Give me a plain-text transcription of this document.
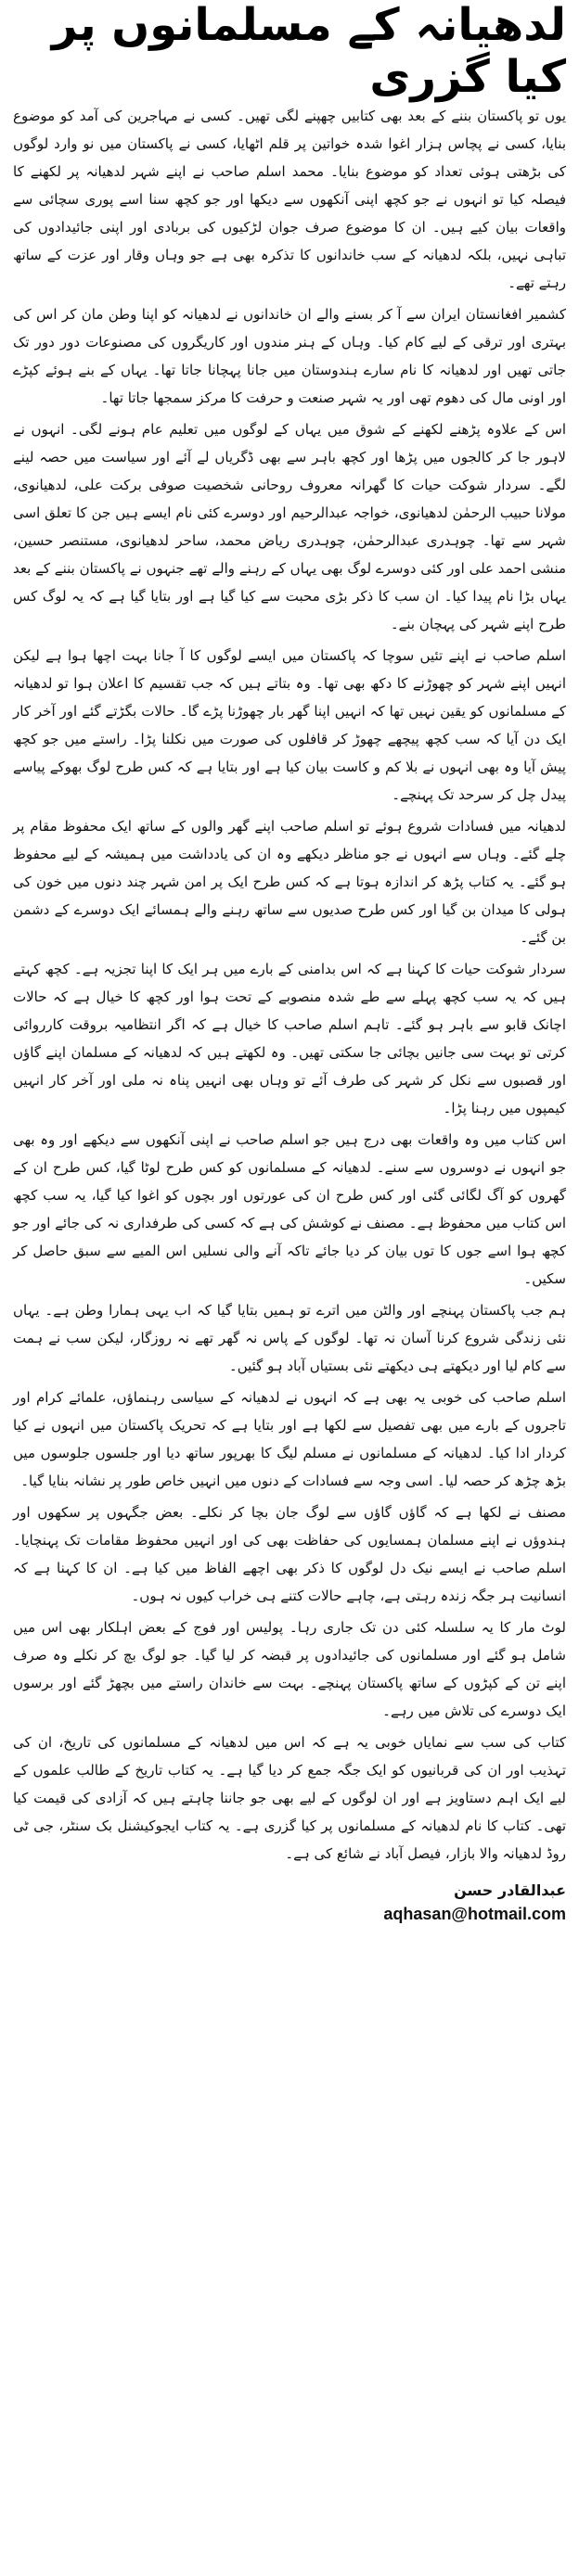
لدھیانہ کے مسلمانوں پر کیا گزری

یوں تو پاکستان بننے کے بعد بھی کتابیں چھپنے لگی تھیں۔ کسی نے مہاجرین کی آمد کو موضوع بنایا، کسی نے پچاس ہزار اغوا شدہ خواتین پر قلم اٹھایا، کسی نے پاکستان میں نو وارد لوگوں کی بڑھتی ہوئی تعداد کو موضوع بنایا۔ محمد اسلم صاحب نے اپنے شہر لدھیانہ پر لکھنے کا فیصلہ کیا تو انہوں نے جو کچھ اپنی آنکھوں سے دیکھا اور جو کچھ سنا اسے پوری سچائی سے واقعات بیان کیے ہیں۔ ان کا موضوع صرف جوان لڑکیوں کی بربادی اور اپنی جائیدادوں کی تباہی نہیں، بلکہ لدھیانہ کے سب خاندانوں کا تذکرہ بھی ہے جو وہاں وقار اور عزت کے ساتھ رہتے تھے۔

کشمیر افغانستان ایران سے آ کر بسنے والے ان خاندانوں نے لدھیانہ کو اپنا وطن مان کر اس کی بہتری اور ترقی کے لیے کام کیا۔ وہاں کے ہنر مندوں اور کاریگروں کی مصنوعات دور دور تک جاتی تھیں اور لدھیانہ کا نام سارے ہندوستان میں جانا پہچانا جاتا تھا۔ یہاں کے بنے ہوئے کپڑے اور اونی مال کی دھوم تھی اور یہ شہر صنعت و حرفت کا مرکز سمجھا جاتا تھا۔

اس کے علاوہ پڑھنے لکھنے کے شوق میں یہاں کے لوگوں میں تعلیم عام ہونے لگی۔ انہوں نے لاہور جا کر کالجوں میں پڑھا اور کچھ باہر سے بھی ڈگریاں لے آئے اور سیاست میں حصہ لینے لگے۔ سردار شوکت حیات کا گھرانہ معروف روحانی شخصیت صوفی برکت علی، لدھیانوی، مولانا حبیب الرحمٰن لدھیانوی، خواجہ عبدالرحیم اور دوسرے کئی نام ایسے ہیں جن کا تعلق اسی شہر سے تھا۔ چوہدری عبدالرحمٰن، چوہدری ریاض محمد، ساحر لدھیانوی، مستنصر حسین، منشی احمد علی اور کئی دوسرے لوگ بھی یہاں کے رہنے والے تھے جنہوں نے پاکستان بننے کے بعد یہاں بڑا نام پیدا کیا۔ ان سب کا ذکر بڑی محبت سے کیا گیا ہے اور بتایا گیا ہے کہ یہ لوگ کس طرح اپنے شہر کی پہچان بنے۔

اسلم صاحب نے اپنے تئیں سوچا کہ پاکستان میں ایسے لوگوں کا آ جانا بہت اچھا ہوا ہے لیکن انہیں اپنے شہر کو چھوڑنے کا دکھ بھی تھا۔ وہ بتاتے ہیں کہ جب تقسیم کا اعلان ہوا تو لدھیانہ کے مسلمانوں کو یقین نہیں تھا کہ انہیں اپنا گھر بار چھوڑنا پڑے گا۔ حالات بگڑتے گئے اور آخر کار ایک دن آیا کہ سب کچھ پیچھے چھوڑ کر قافلوں کی صورت میں نکلنا پڑا۔ راستے میں جو کچھ پیش آیا وہ بھی انہوں نے بلا کم و کاست بیان کیا ہے اور بتایا ہے کہ کس طرح لوگ بھوکے پیاسے پیدل چل کر سرحد تک پہنچے۔

لدھیانہ میں فسادات شروع ہوئے تو اسلم صاحب اپنے گھر والوں کے ساتھ ایک محفوظ مقام پر چلے گئے۔ وہاں سے انہوں نے جو مناظر دیکھے وہ ان کی یادداشت میں ہمیشہ کے لیے محفوظ ہو گئے۔ یہ کتاب پڑھ کر اندازہ ہوتا ہے کہ کس طرح ایک پر امن شہر چند دنوں میں خون کی ہولی کا میدان بن گیا اور کس طرح صدیوں سے ساتھ رہنے والے ہمسائے ایک دوسرے کے دشمن بن گئے۔

سردار شوکت حیات کا کہنا ہے کہ اس بدامنی کے بارے میں ہر ایک کا اپنا تجزیہ ہے۔ کچھ کہتے ہیں کہ یہ سب کچھ پہلے سے طے شدہ منصوبے کے تحت ہوا اور کچھ کا خیال ہے کہ حالات اچانک قابو سے باہر ہو گئے۔ تاہم اسلم صاحب کا خیال ہے کہ اگر انتظامیہ بروقت کارروائی کرتی تو بہت سی جانیں بچائی جا سکتی تھیں۔ وہ لکھتے ہیں کہ لدھیانہ کے مسلمان اپنے گاؤں اور قصبوں سے نکل کر شہر کی طرف آئے تو وہاں بھی انہیں پناہ نہ ملی اور آخر کار انہیں کیمپوں میں رہنا پڑا۔

اس کتاب میں وہ واقعات بھی درج ہیں جو اسلم صاحب نے اپنی آنکھوں سے دیکھے اور وہ بھی جو انہوں نے دوسروں سے سنے۔ لدھیانہ کے مسلمانوں کو کس طرح لوٹا گیا، کس طرح ان کے گھروں کو آگ لگائی گئی اور کس طرح ان کی عورتوں اور بچوں کو اغوا کیا گیا، یہ سب کچھ اس کتاب میں محفوظ ہے۔ مصنف نے کوشش کی ہے کہ کسی کی طرفداری نہ کی جائے اور جو کچھ ہوا اسے جوں کا توں بیان کر دیا جائے تاکہ آنے والی نسلیں اس المیے سے سبق حاصل کر سکیں۔

ہم جب پاکستان پہنچے اور والٹن میں اترے تو ہمیں بتایا گیا کہ اب یہی ہمارا وطن ہے۔ یہاں نئی زندگی شروع کرنا آسان نہ تھا۔ لوگوں کے پاس نہ گھر تھے نہ روزگار، لیکن سب نے ہمت سے کام لیا اور دیکھتے ہی دیکھتے نئی بستیاں آباد ہو گئیں۔

اسلم صاحب کی خوبی یہ بھی ہے کہ انہوں نے لدھیانہ کے سیاسی رہنماؤں، علمائے کرام اور تاجروں کے بارے میں بھی تفصیل سے لکھا ہے اور بتایا ہے کہ تحریک پاکستان میں انہوں نے کیا کردار ادا کیا۔ لدھیانہ کے مسلمانوں نے مسلم لیگ کا بھرپور ساتھ دیا اور جلسوں جلوسوں میں بڑھ چڑھ کر حصہ لیا۔ اسی وجہ سے فسادات کے دنوں میں انہیں خاص طور پر نشانہ بنایا گیا۔

مصنف نے لکھا ہے کہ گاؤں گاؤں سے لوگ جان بچا کر نکلے۔ بعض جگہوں پر سکھوں اور ہندوؤں نے اپنے مسلمان ہمسایوں کی حفاظت بھی کی اور انہیں محفوظ مقامات تک پہنچایا۔ اسلم صاحب نے ایسے نیک دل لوگوں کا ذکر بھی اچھے الفاظ میں کیا ہے۔ ان کا کہنا ہے کہ انسانیت ہر جگہ زندہ رہتی ہے، چاہے حالات کتنے ہی خراب کیوں نہ ہوں۔

لوٹ مار کا یہ سلسلہ کئی دن تک جاری رہا۔ پولیس اور فوج کے بعض اہلکار بھی اس میں شامل ہو گئے اور مسلمانوں کی جائیدادوں پر قبضہ کر لیا گیا۔ جو لوگ بچ کر نکلے وہ صرف اپنے تن کے کپڑوں کے ساتھ پاکستان پہنچے۔ بہت سے خاندان راستے میں بچھڑ گئے اور برسوں ایک دوسرے کی تلاش میں رہے۔

کتاب کی سب سے نمایاں خوبی یہ ہے کہ اس میں لدھیانہ کے مسلمانوں کی تاریخ، ان کی تہذیب اور ان کی قربانیوں کو ایک جگہ جمع کر دیا گیا ہے۔ یہ کتاب تاریخ کے طالب علموں کے لیے ایک اہم دستاویز ہے اور ان لوگوں کے لیے بھی جو جاننا چاہتے ہیں کہ آزادی کی قیمت کیا تھی۔ کتاب کا نام لدھیانہ کے مسلمانوں پر کیا گزری ہے۔ یہ کتاب ایجوکیشنل بک سنٹر، جی ٹی روڈ لدھیانہ والا بازار، فیصل آباد نے شائع کی ہے۔

عبدالقادر حسن
aqhasan@hotmail.com
